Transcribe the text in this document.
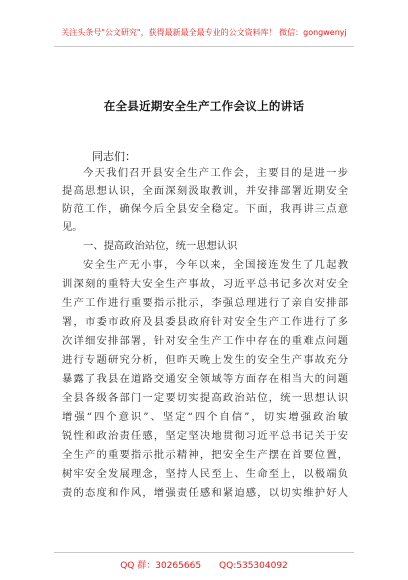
关注头条号"公文研究"，获得最新最全最专业的公文资料库！ 微信：gongwenyj
在全县近期安全生产工作会议上的讲话
同志们：
今天我们召开县安全生产工作会，主要目的是进一步
提高思想认识，全面深刻汲取教训，并安排部署近期安全
防范工作，确保今后全县安全稳定。下面，我再讲三点意
见。
一、提高政治站位，统一思想认识
安全生产无小事，今年以来，全国接连发生了几起教
训深刻的重特大安全生产事故，习近平总书记多次对安全
生产工作进行重要指示批示，李强总理进行了亲自安排部
署，市委市政府及县委县政府针对安全生产工作进行了多
次详细安排部署，针对安全生产工作中存在的重难点问题
进行专题研究分析，但昨天晚上发生的安全生产事故充分
暴露了我县在道路交通安全领域等方面存在相当大的问题
全县各级各部门一定要切实提高政治站位，统一思想认识
增强“四个意识”、坚定“四个自信”，切实增强政治敏
锐性和政治责任感，坚定坚决地贯彻习近平总书记关于安
全生产的重要指示批示精神，把安全生产摆在首要位置，
树牢安全发展理念，坚持人民至上、生命至上，以极端负
责的态度和作风，增强责任感和紧迫感，以切实维护好人
QQ 群：30265665 QQ:535304092
